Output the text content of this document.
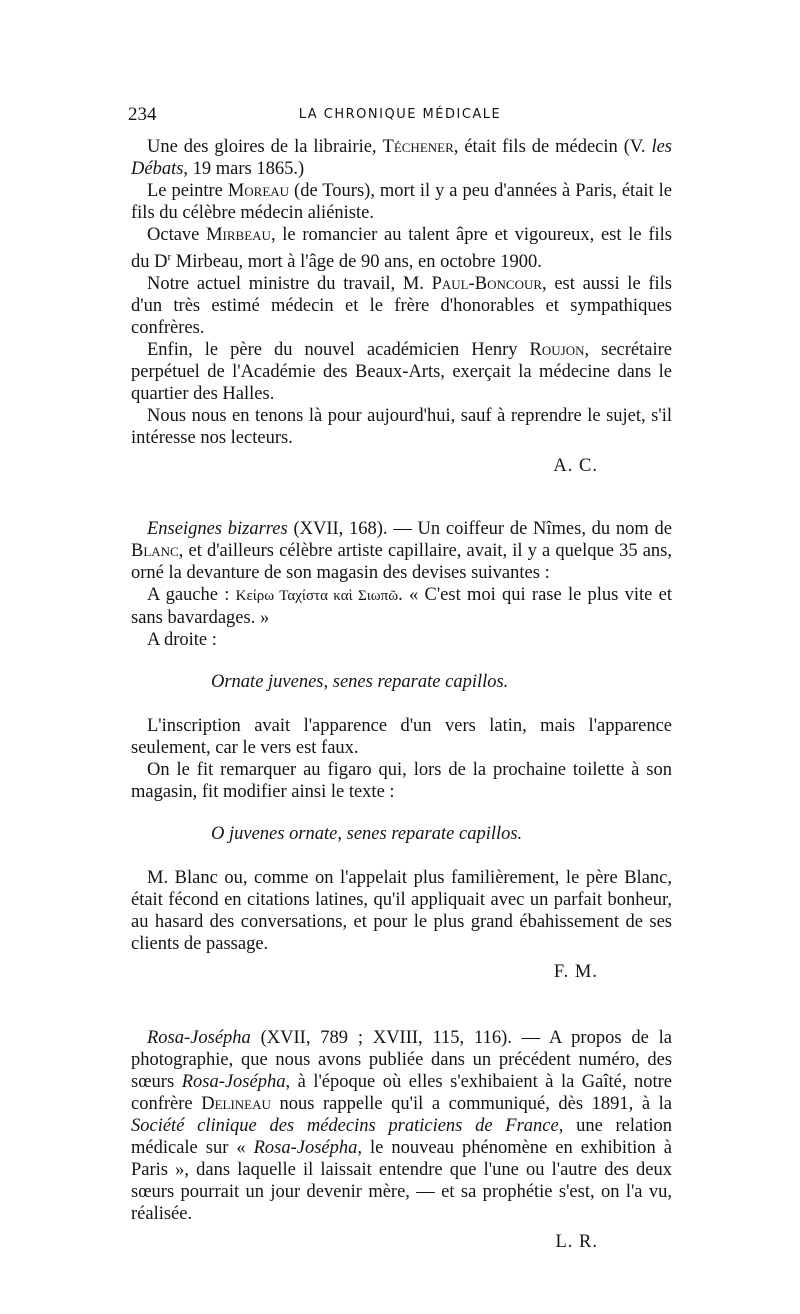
234	LA CHRONIQUE MÉDICALE

Une des gloires de la librairie, Téchener, était fils de médecin (V. les Débats, 19 mars 1865.)

Le peintre Moreau (de Tours), mort il y a peu d'années à Paris, était le fils du célèbre médecin aliéniste.

Octave Mirbeau, le romancier au talent âpre et vigoureux, est le fils du $D^r$ Mirbeau, mort à l'âge de 90 ans, en octobre 1900.

Notre actuel ministre du travail, M. Paul-Boncour, est aussi le fils d'un très estimé médecin et le frère d'honorables et sympathiques confrères.

Enfin, le père du nouvel académicien Henry Roujon, secrétaire perpétuel de l'Académie des Beaux-Arts, exerçait la médecine dans le quartier des Halles.

Nous nous en tenons là pour aujourd'hui, sauf à reprendre le sujet, s'il intéresse nos lecteurs.

A. C.

Enseignes bizarres (XVII, 168). — Un coiffeur de Nîmes, du nom de Blanc, et d'ailleurs célèbre artiste capillaire, avait, il y a quelque 35 ans, orné la devanture de son magasin des devises suivantes :

A gauche : Κείρω Ταχίστα καὶ Σιωπῶ. « C'est moi qui rase le plus vite et sans bavardages. »

A droite :

Ornate juvenes, senes reparate capillos.

L'inscription avait l'apparence d'un vers latin, mais l'apparence seulement, car le vers est faux.

On le fit remarquer au figaro qui, lors de la prochaine toilette à son magasin, fit modifier ainsi le texte :

O juvenes ornate, senes reparate capillos.

M. Blanc ou, comme on l'appelait plus familièrement, le père Blanc, était fécond en citations latines, qu'il appliquait avec un parfait bonheur, au hasard des conversations, et pour le plus grand ébahissement de ses clients de passage.

F. M.

Rosa-Josépha (XVII, 789 ; XVIII, 115, 116). — A propos de la photographie, que nous avons publiée dans un précédent numéro, des sœurs Rosa-Josépha, à l'époque où elles s'exhibaient à la Gaîté, notre confrère Delineau nous rappelle qu'il a communiqué, dès 1891, à la Société clinique des médecins praticiens de France, une relation médicale sur « Rosa-Josépha, le nouveau phénomène en exhibition à Paris », dans laquelle il laissait entendre que l'une ou l'autre des deux sœurs pourrait un jour devenir mère, — et sa prophétie s'est, on l'a vu, réalisée.

L. R.
